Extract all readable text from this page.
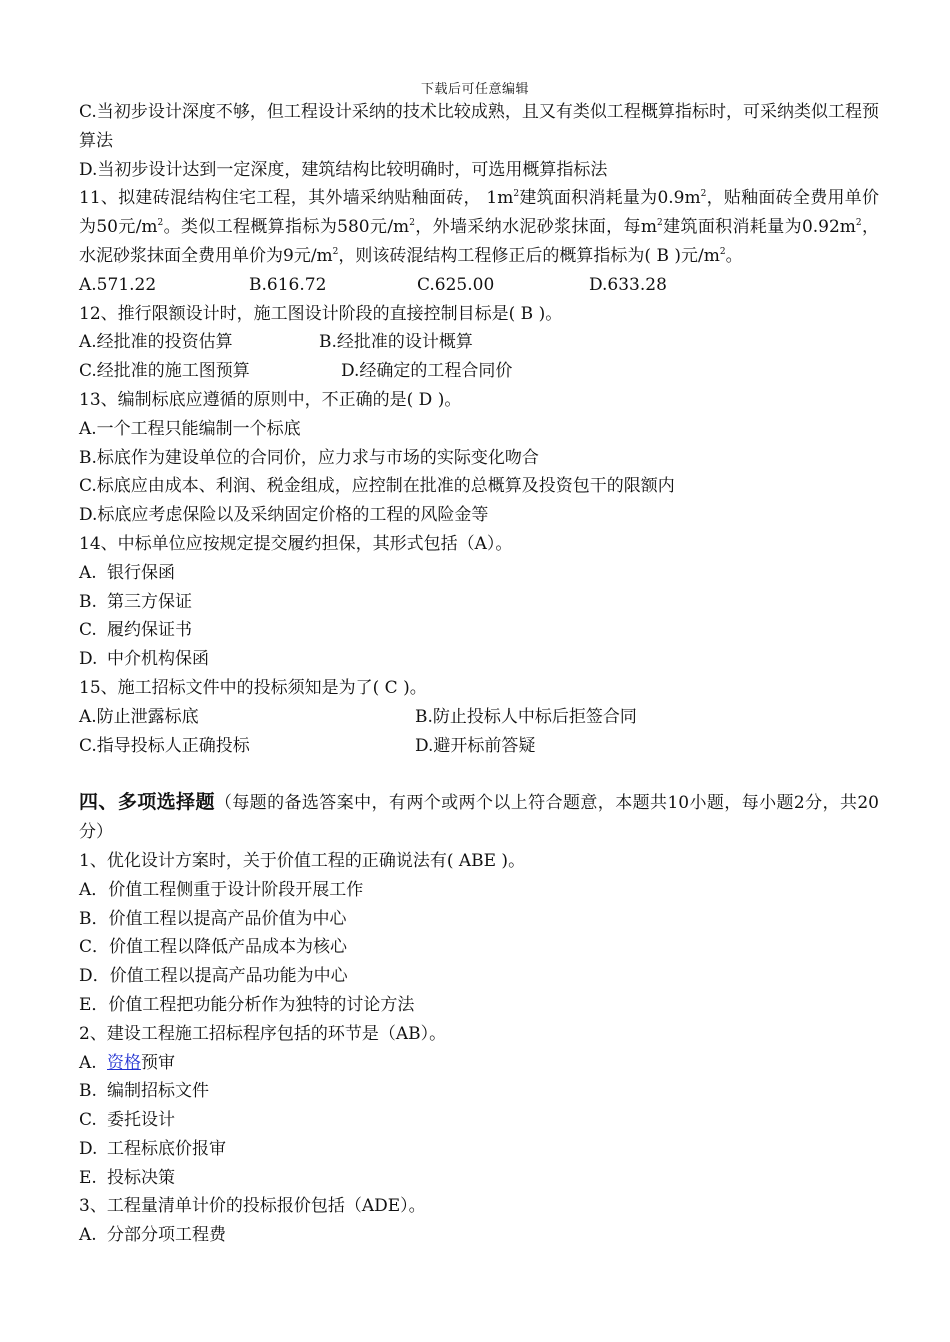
下载后可任意编辑
C.当初步设计深度不够，但工程设计采纳的技术比较成熟，且又有类似工程概算指标时，可采纳类似工程预算法
D.当初步设计达到一定深度，建筑结构比较明确时，可选用概算指标法
11、拟建砖混结构住宅工程，其外墙采纳贴釉面砖， $1m^2$建筑面积消耗量为$0.9m^2$，贴釉面砖全费用单价为50元$/m^2$。类似工程概算指标为580元$/m^2$，外墙采纳水泥砂浆抹面，每$m^2$建筑面积消耗量为$0.92m^2$，水泥砂浆抹面全费用单价为9元$/m^2$，则该砖混结构工程修正后的概算指标为( B )元$/m^2$。
A.571.22	B.616.72	C.625.00	D.633.28
12、推行限额设计时，施工图设计阶段的直接控制目标是( B )。
A.经批准的投资估算	B.经批准的设计概算
C.经批准的施工图预算	D.经确定的工程合同价
13、编制标底应遵循的原则中，不正确的是( D )。
A.一个工程只能编制一个标底
B.标底作为建设单位的合同价，应力求与市场的实际变化吻合
C.标底应由成本、利润、税金组成，应控制在批准的总概算及投资包干的限额内
D.标底应考虑保险以及采纳固定价格的工程的风险金等
14、中标单位应按规定提交履约担保，其形式包括（A）。
A. 银行保函
B. 第三方保证
C. 履约保证书
D. 中介机构保函
15、施工招标文件中的投标须知是为了( C )。
A.防止泄露标底	B.防止投标人中标后拒签合同
C.指导投标人正确投标	D.避开标前答疑
四、多项选择题（每题的备选答案中，有两个或两个以上符合题意，本题共10小题，每小题2分，共20分）
1、优化设计方案时，关于价值工程的正确说法有( ABE )。
A．价值工程侧重于设计阶段开展工作
B．价值工程以提高产品价值为中心
C．价值工程以降低产品成本为核心
D．价值工程以提高产品功能为中心
E．价值工程把功能分析作为独特的讨论方法
2、建设工程施工招标程序包括的环节是（AB）。
A. 资格预审
B. 编制招标文件
C. 委托设计
D. 工程标底价报审
E. 投标决策
3、工程量清单计价的投标报价包括（ADE）。
A. 分部分项工程费
